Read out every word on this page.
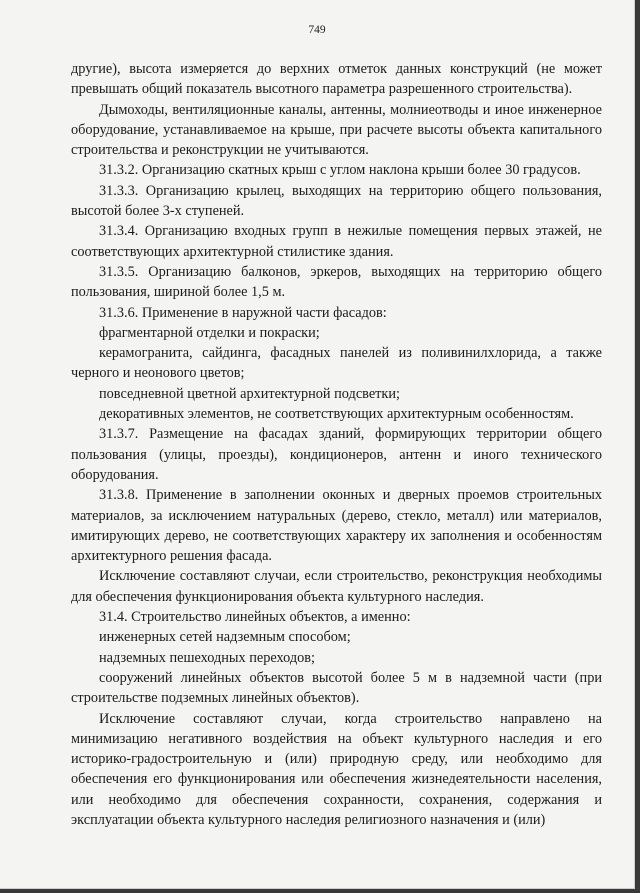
749

другие), высота измеряется до верхних отметок данных конструкций (не может превышать общий показатель высотного параметра разрешенного строительства).

Дымоходы, вентиляционные каналы, антенны, молниеотводы и иное инженерное оборудование, устанавливаемое на крыше, при расчете высоты объекта капитального строительства и реконструкции не учитываются.

31.3.2. Организацию скатных крыш с углом наклона крыши более 30 градусов.

31.3.3. Организацию крылец, выходящих на территорию общего пользования, высотой более 3-х ступеней.

31.3.4. Организацию входных групп в нежилые помещения первых этажей, не соответствующих архитектурной стилистике здания.

31.3.5. Организацию балконов, эркеров, выходящих на территорию общего пользования, шириной более 1,5 м.

31.3.6. Применение в наружной части фасадов:

фрагментарной отделки и покраски;

керамогранита, сайдинга, фасадных панелей из поливинилхлорида, а также черного и неонового цветов;

повседневной цветной архитектурной подсветки;

декоративных элементов, не соответствующих архитектурным особенностям.

31.3.7. Размещение на фасадах зданий, формирующих территории общего пользования (улицы, проезды), кондиционеров, антенн и иного технического оборудования.

31.3.8. Применение в заполнении оконных и дверных проемов строительных материалов, за исключением натуральных (дерево, стекло, металл) или материалов, имитирующих дерево, не соответствующих характеру их заполнения и особенностям архитектурного решения фасада.

Исключение составляют случаи, если строительство, реконструкция необходимы для обеспечения функционирования объекта культурного наследия.

31.4. Строительство линейных объектов, а именно:

инженерных сетей надземным способом;

надземных пешеходных переходов;

сооружений линейных объектов высотой более 5 м в надземной части (при строительстве подземных линейных объектов).

Исключение составляют случаи, когда строительство направлено на минимизацию негативного воздействия на объект культурного наследия и его историко-градостроительную и (или) природную среду, или необходимо для обеспечения его функционирования или обеспечения жизнедеятельности населения, или необходимо для обеспечения сохранности, сохранения, содержания и эксплуатации объекта культурного наследия религиозного назначения и (или)
